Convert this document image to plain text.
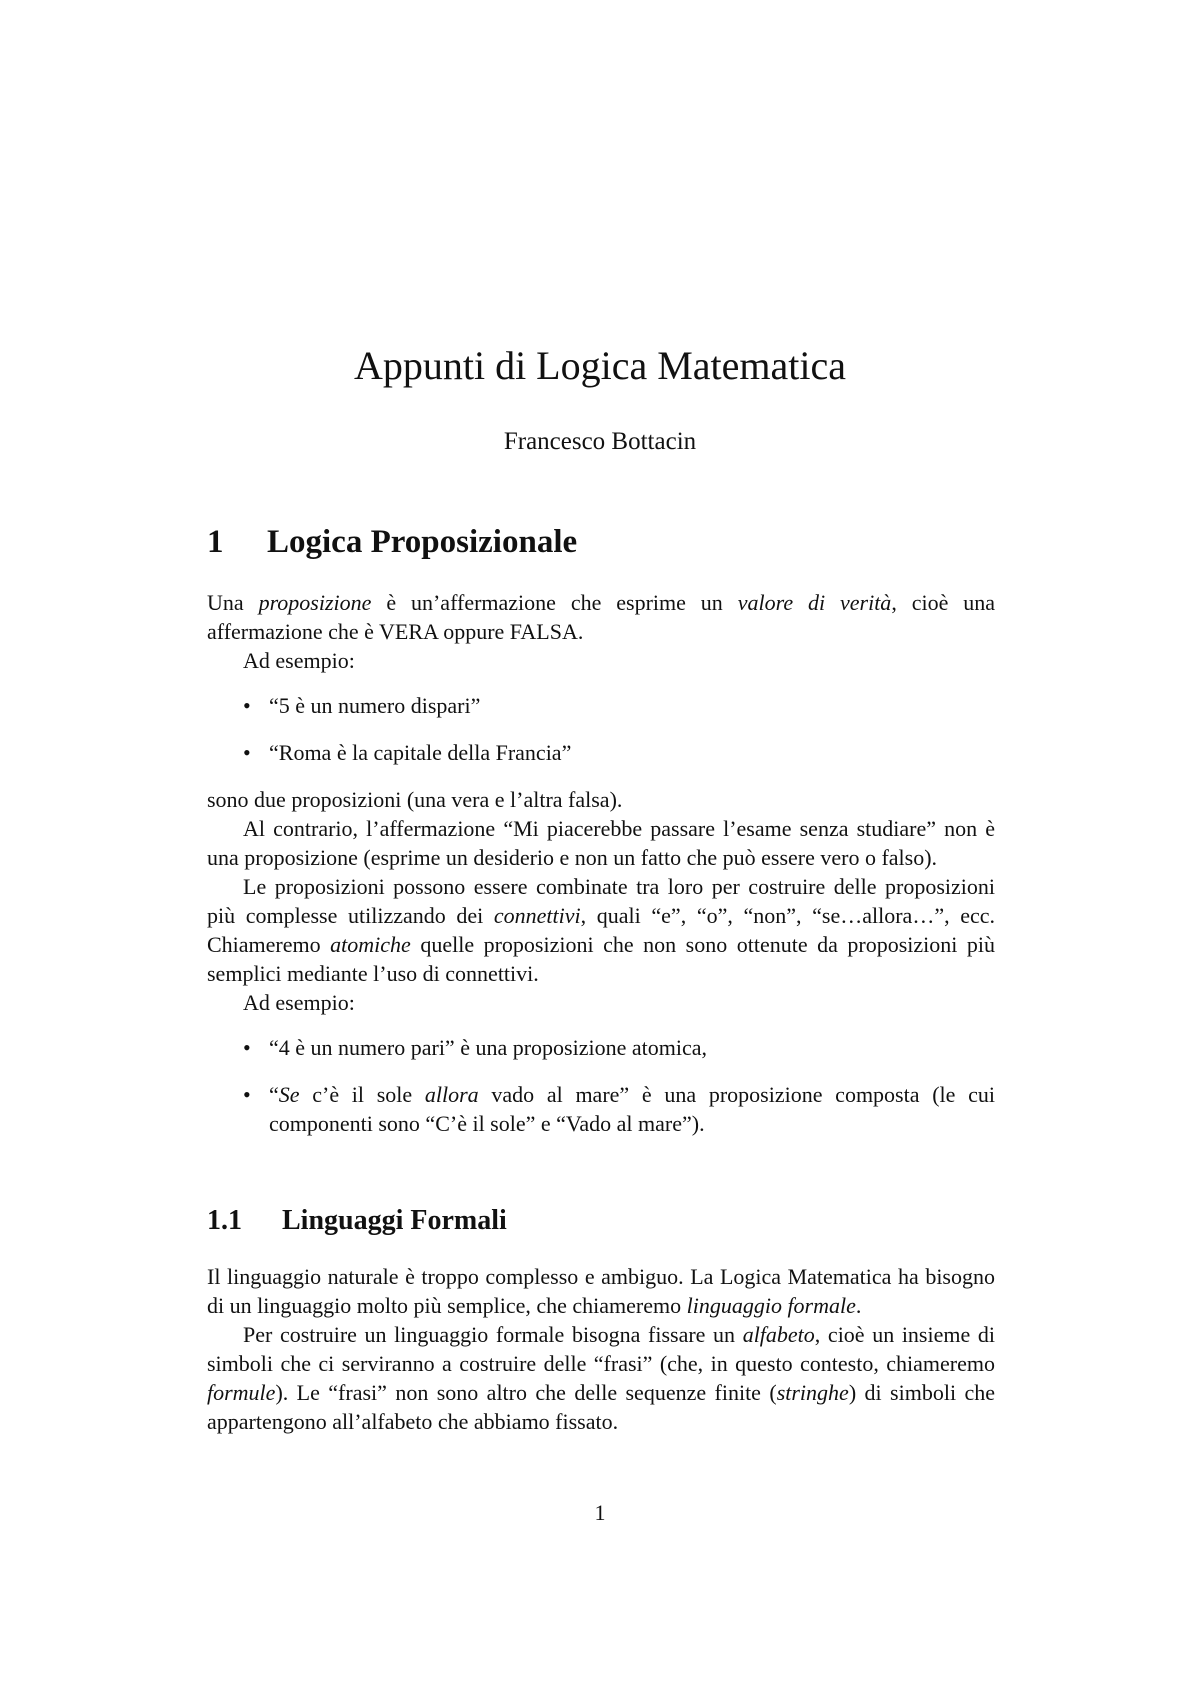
Appunti di Logica Matematica
Francesco Bottacin
1 Logica Proposizionale

Una proposizione è un’affermazione che esprime un valore di verità, cioè una affermazione che è VERA oppure FALSA.

Ad esempio:

• “5 è un numero dispari”
• “Roma è la capitale della Francia”

sono due proposizioni (una vera e l’altra falsa).

Al contrario, l’affermazione “Mi piacerebbe passare l’esame senza studiare” non è una proposizione (esprime un desiderio e non un fatto che può essere vero o falso).

Le proposizioni possono essere combinate tra loro per costruire delle proposizioni più complesse utilizzando dei connettivi, quali “e”, “o”, “non”, “se…allora…”, ecc. Chiameremo atomiche quelle proposizioni che non sono ottenute da proposizioni più semplici mediante l’uso di connettivi.

Ad esempio:

• “4 è un numero pari” è una proposizione atomica,
• “Se c’è il sole allora vado al mare” è una proposizione composta (le cui componenti sono “C’è il sole” e “Vado al mare”).
1.1 Linguaggi Formali

Il linguaggio naturale è troppo complesso e ambiguo. La Logica Matematica ha bisogno di un linguaggio molto più semplice, che chiameremo linguaggio formale.

Per costruire un linguaggio formale bisogna fissare un alfabeto, cioè un insieme di simboli che ci serviranno a costruire delle “frasi” (che, in questo contesto, chiameremo formule). Le “frasi” non sono altro che delle sequenze finite (stringhe) di simboli che appartengono all’alfabeto che abbiamo fissato.

1
